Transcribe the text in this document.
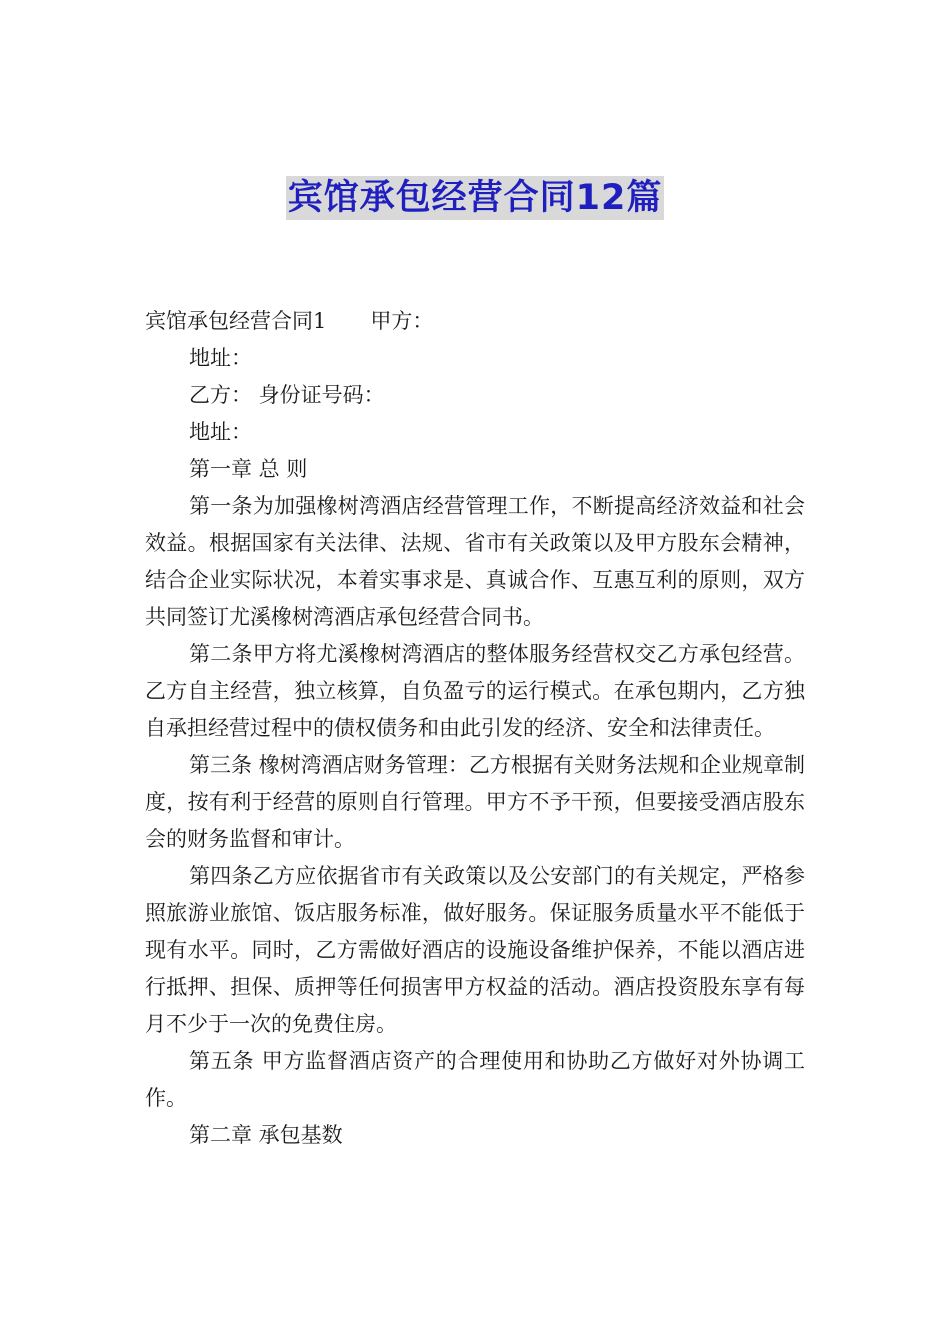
宾馆承包经营合同12篇

宾馆承包经营合同1 甲方：

地址：

乙方： 身份证号码：

地址：

第一章 总 则

第一条为加强橡树湾酒店经营管理工作，不断提高经济效益和社会效益。根据国家有关法律、法规、省市有关政策以及甲方股东会精神，结合企业实际状况，本着实事求是、真诚合作、互惠互利的原则，双方共同签订尤溪橡树湾酒店承包经营合同书。

第二条甲方将尤溪橡树湾酒店的整体服务经营权交乙方承包经营。乙方自主经营，独立核算，自负盈亏的运行模式。在承包期内，乙方独自承担经营过程中的债权债务和由此引发的经济、安全和法律责任。

第三条 橡树湾酒店财务管理：乙方根据有关财务法规和企业规章制度，按有利于经营的原则自行管理。甲方不予干预，但要接受酒店股东会的财务监督和审计。

第四条乙方应依据省市有关政策以及公安部门的有关规定，严格参照旅游业旅馆、饭店服务标准，做好服务。保证服务质量水平不能低于现有水平。同时，乙方需做好酒店的设施设备维护保养，不能以酒店进行抵押、担保、质押等任何损害甲方权益的活动。酒店投资股东享有每月不少于一次的免费住房。

第五条 甲方监督酒店资产的合理使用和协助乙方做好对外协调工作。

第二章 承包基数
